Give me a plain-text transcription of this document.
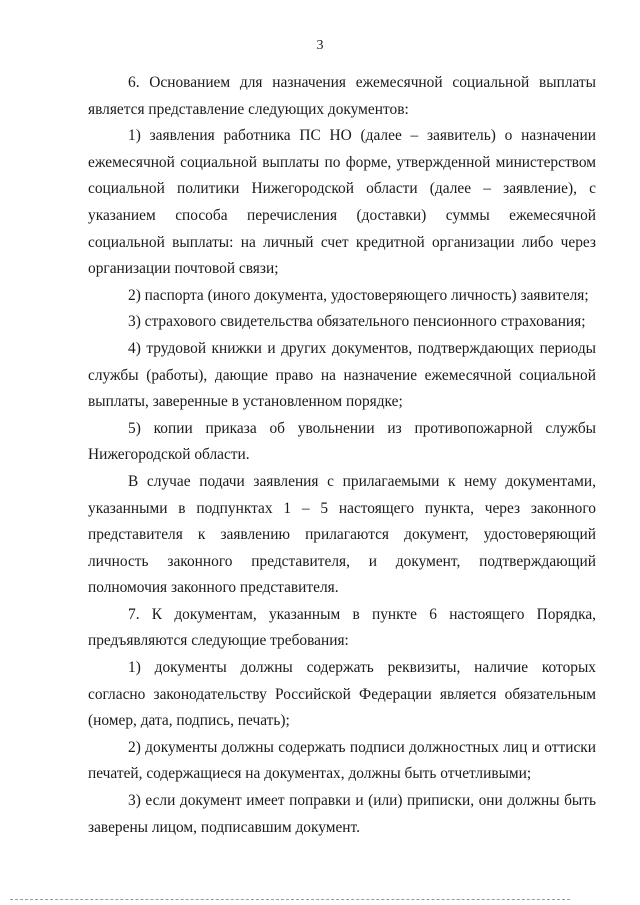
3

6. Основанием для назначения ежемесячной социальной выплаты является представление следующих документов:

1) заявления работника ПС НО (далее – заявитель) о назначении ежемесячной социальной выплаты по форме, утвержденной министерством социальной политики Нижегородской области (далее – заявление), с указанием способа перечисления (доставки) суммы ежемесячной социальной выплаты: на личный счет кредитной организации либо через организации почтовой связи;

2) паспорта (иного документа, удостоверяющего личность) заявителя;

3) страхового свидетельства обязательного пенсионного страхования;

4) трудовой книжки и других документов, подтверждающих периоды службы (работы), дающие право на назначение ежемесячной социальной выплаты, заверенные в установленном порядке;

5) копии приказа об увольнении из противопожарной службы Нижегородской области.

В случае подачи заявления с прилагаемыми к нему документами, указанными в подпунктах 1 – 5 настоящего пункта, через законного представителя к заявлению прилагаются документ, удостоверяющий личность законного представителя, и документ, подтверждающий полномочия законного представителя.

7. К документам, указанным в пункте 6 настоящего Порядка, предъявляются следующие требования:

1) документы должны содержать реквизиты, наличие которых согласно законодательству Российской Федерации является обязательным (номер, дата, подпись, печать);

2) документы должны содержать подписи должностных лиц и оттиски печатей, содержащиеся на документах, должны быть отчетливыми;

3) если документ имеет поправки и (или) приписки, они должны быть заверены лицом, подписавшим документ.
